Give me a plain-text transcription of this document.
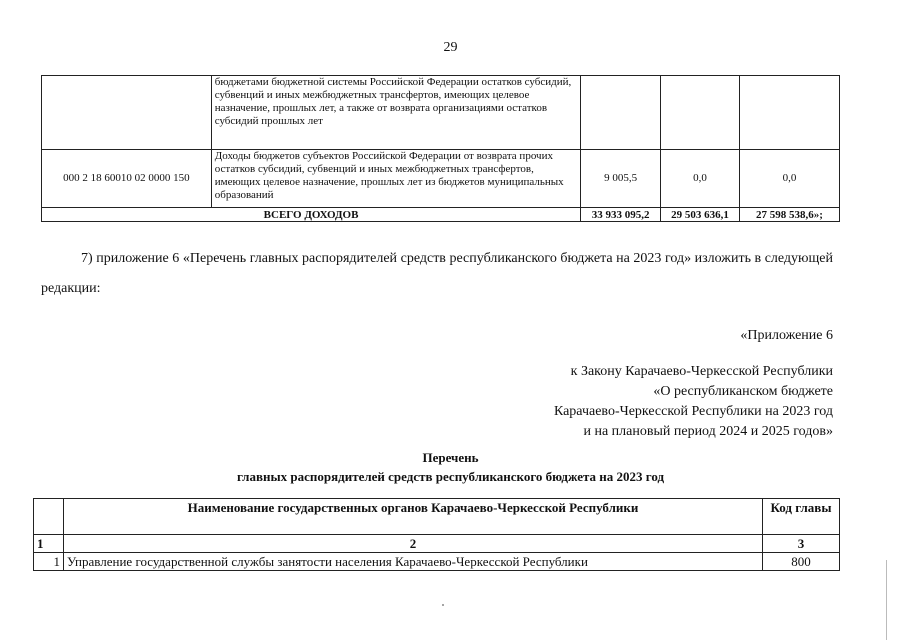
29
	бюджетами бюджетной системы Российской Федерации остатков субсидий, субвенций и иных межбюджетных трансфертов, имеющих целевое назначение, прошлых лет, а также от возврата организациями остатков субсидий прошлых лет			
000 2 18 60010 02 0000 150	Доходы бюджетов субъектов Российской Федерации от возврата прочих остатков субсидий, субвенций и иных межбюджетных трансфертов, имеющих целевое назначение, прошлых лет из бюджетов муниципальных образований	9 005,5	0,0	0,0
ВСЕГО ДОХОДОВ		33 933 095,2	29 503 636,1	27 598 538,6»;
7) приложение 6 «Перечень главных распорядителей средств республиканского бюджета на 2023 год» изложить в следующей редакции:
«Приложение 6
к Закону Карачаево-Черкесской Республики
«О республиканском бюджете
Карачаево-Черкесской Республики на 2023 год
и на плановый период 2024 и 2025 годов»
Перечень
главных распорядителей средств республиканского бюджета на 2023 год
	Наименование государственных органов Карачаево-Черкесской Республики	Код главы
1	2	3
1	Управление государственной службы занятости населения Карачаево-Черкесской Республики	800
